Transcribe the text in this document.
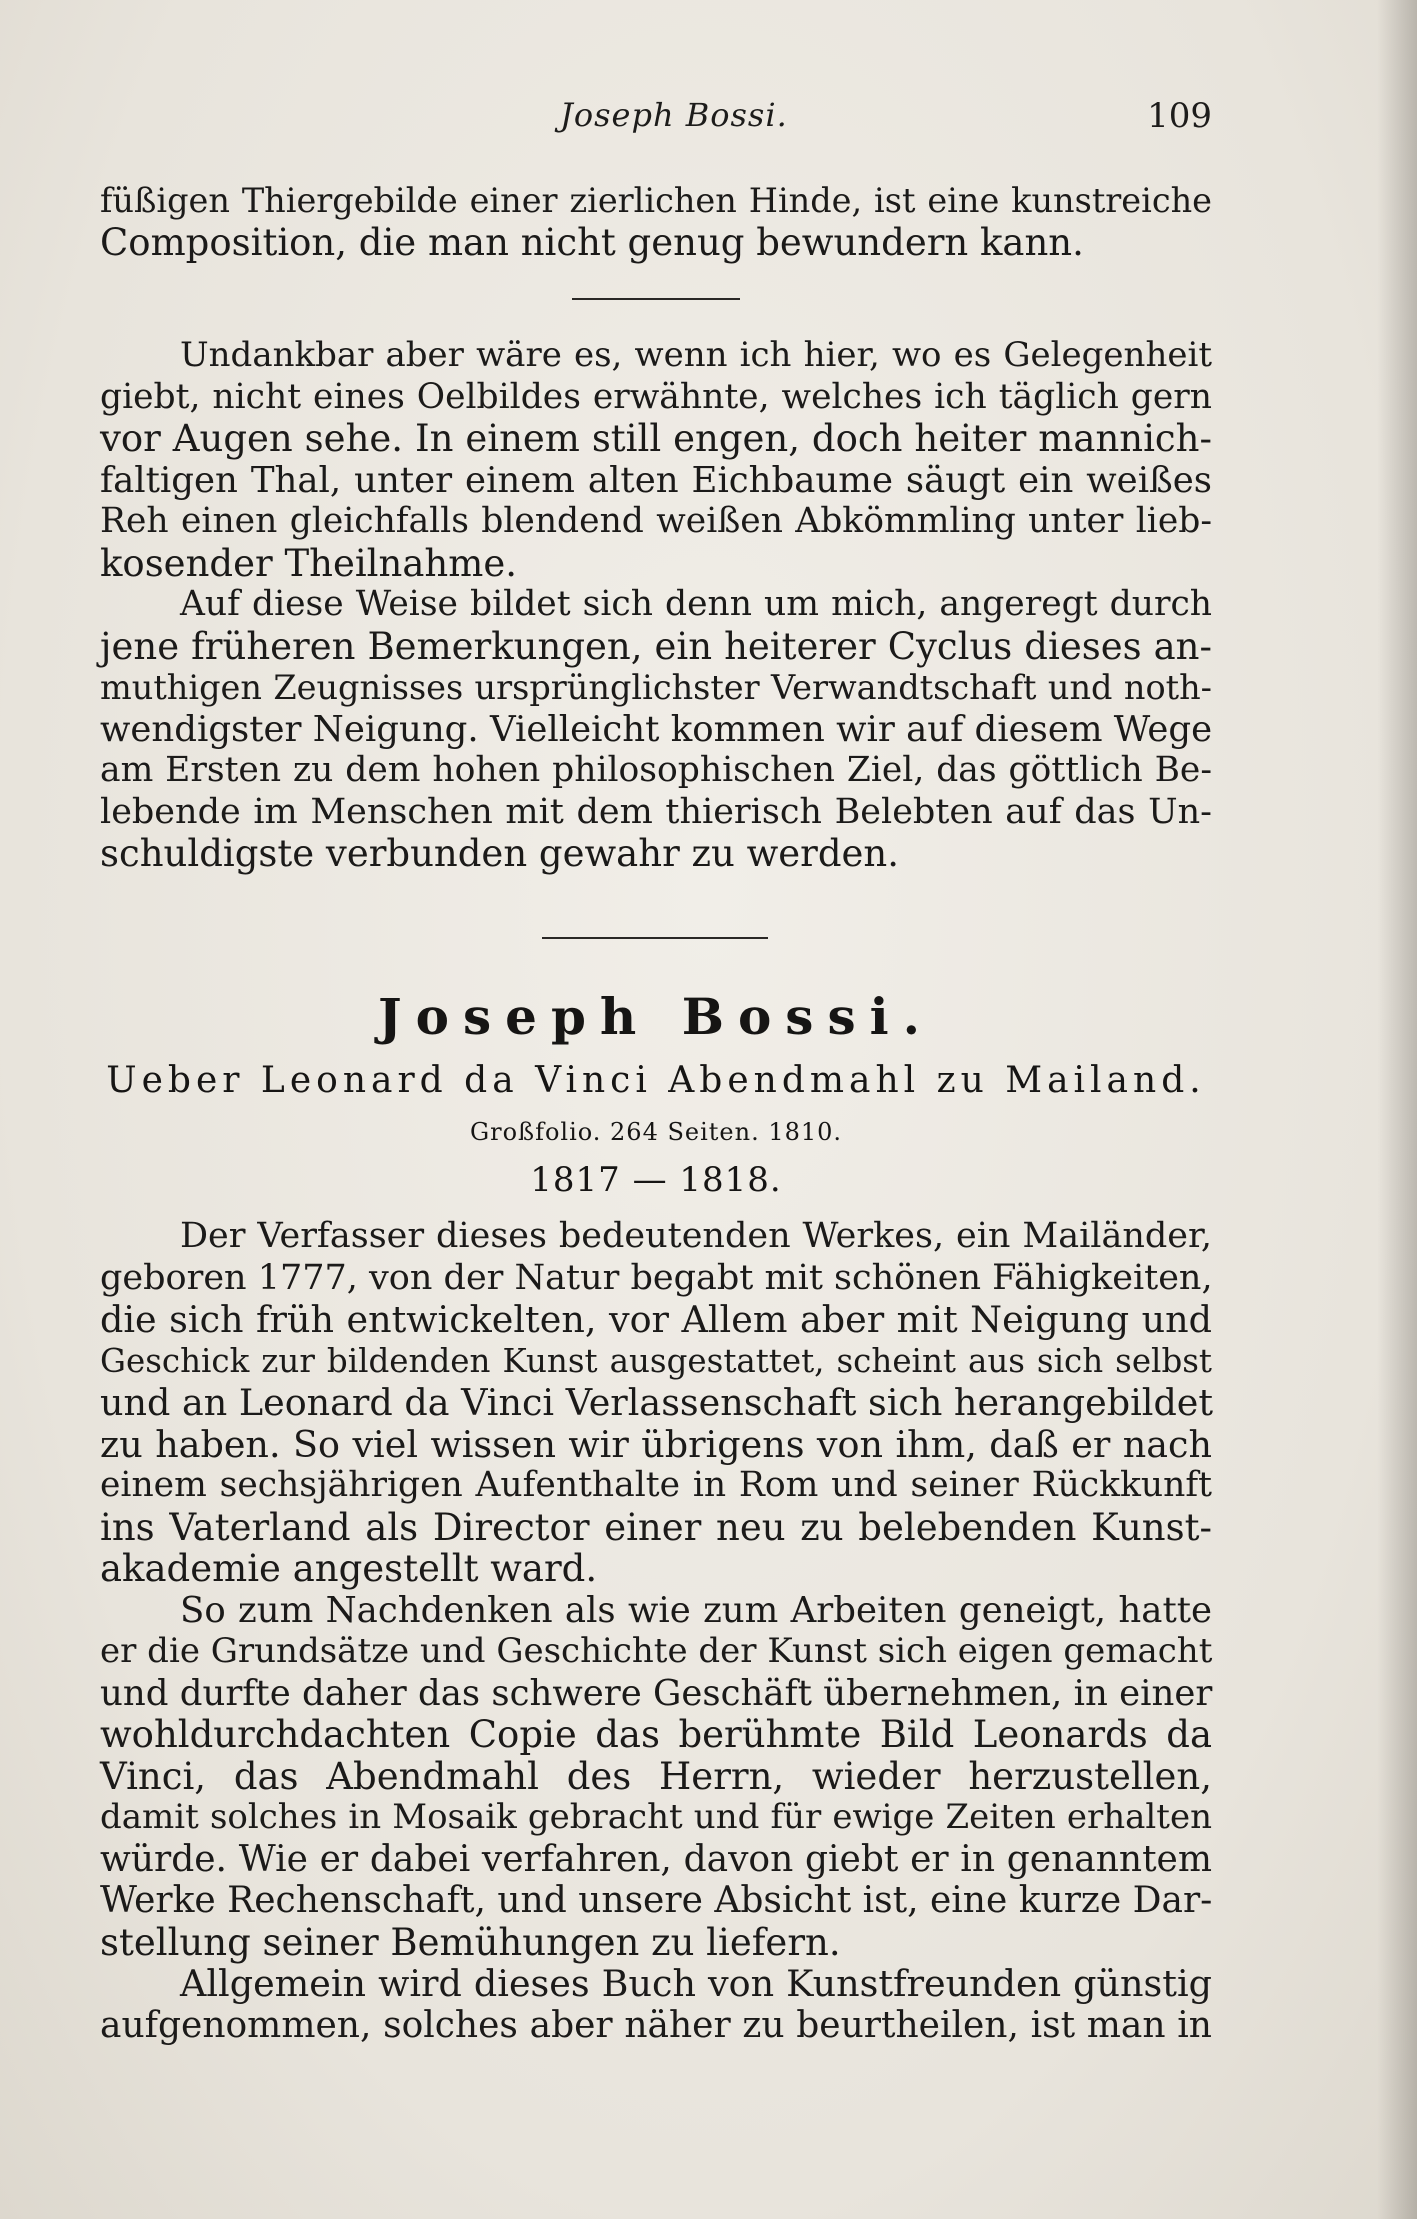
Joseph Bossi.	109
füßigen Thiergebilde einer zierlichen Hinde, ist eine kunstreiche
Composition, die man nicht genug bewundern kann.
Undankbar aber wäre es, wenn ich hier, wo es Gelegenheit
giebt, nicht eines Oelbildes erwähnte, welches ich täglich gern
vor Augen sehe. In einem still engen, doch heiter mannich-
faltigen Thal, unter einem alten Eichbaume säugt ein weißes
Reh einen gleichfalls blendend weißen Abkömmling unter lieb-
kosender Theilnahme.
Auf diese Weise bildet sich denn um mich, angeregt durch
jene früheren Bemerkungen, ein heiterer Cyclus dieses an-
muthigen Zeugnisses ursprünglichster Verwandtschaft und noth-
wendigster Neigung. Vielleicht kommen wir auf diesem Wege
am Ersten zu dem hohen philosophischen Ziel, das göttlich Be-
lebende im Menschen mit dem thierisch Belebten auf das Un-
schuldigste verbunden gewahr zu werden.
Joseph Bossi.
Ueber Leonard da Vinci Abendmahl zu Mailand.
Großfolio. 264 Seiten. 1810.
1817 — 1818.
Der Verfasser dieses bedeutenden Werkes, ein Mailänder,
geboren 1777, von der Natur begabt mit schönen Fähigkeiten,
die sich früh entwickelten, vor Allem aber mit Neigung und
Geschick zur bildenden Kunst ausgestattet, scheint aus sich selbst
und an Leonard da Vinci Verlassenschaft sich herangebildet
zu haben. So viel wissen wir übrigens von ihm, daß er nach
einem sechsjährigen Aufenthalte in Rom und seiner Rückkunft
ins Vaterland als Director einer neu zu belebenden Kunst-
akademie angestellt ward.
So zum Nachdenken als wie zum Arbeiten geneigt, hatte
er die Grundsätze und Geschichte der Kunst sich eigen gemacht
und durfte daher das schwere Geschäft übernehmen, in einer
wohldurchdachten Copie das berühmte Bild Leonards da
Vinci, das Abendmahl des Herrn, wieder herzustellen,
damit solches in Mosaik gebracht und für ewige Zeiten erhalten
würde. Wie er dabei verfahren, davon giebt er in genanntem
Werke Rechenschaft, und unsere Absicht ist, eine kurze Dar-
stellung seiner Bemühungen zu liefern.
Allgemein wird dieses Buch von Kunstfreunden günstig
aufgenommen, solches aber näher zu beurtheilen, ist man in
